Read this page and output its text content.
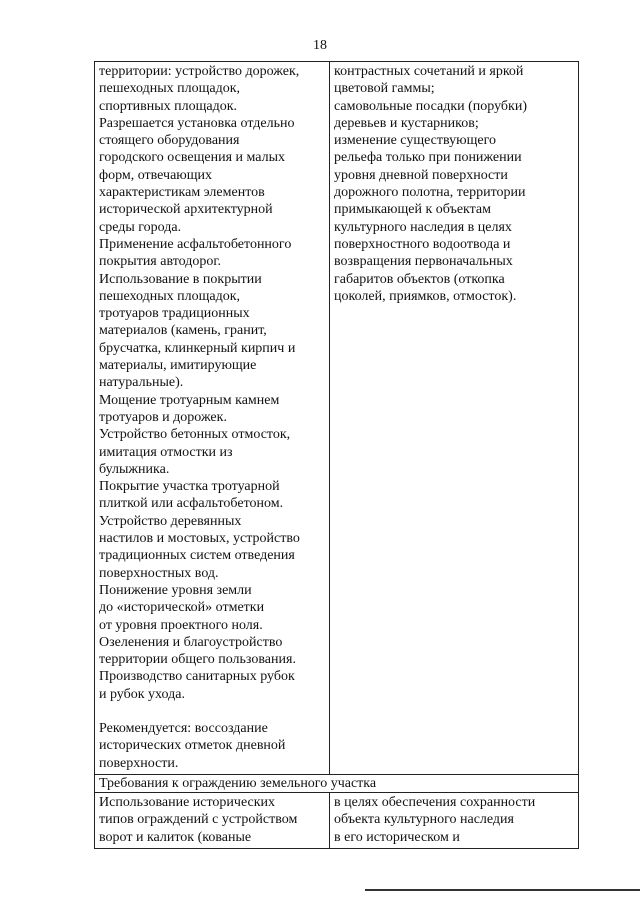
18
территории: устройство дорожек,
пешеходных площадок,
спортивных площадок.
Разрешается установка отдельно
стоящего оборудования
городского освещения и малых
форм, отвечающих
характеристикам элементов
исторической архитектурной
среды города.
Применение асфальтобетонного
покрытия автодорог.
Использование в покрытии
пешеходных площадок,
тротуаров традиционных
материалов (камень, гранит,
брусчатка, клинкерный кирпич и
материалы, имитирующие
натуральные).
Мощение тротуарным камнем
тротуаров и дорожек.
Устройство бетонных отмосток,
имитация отмостки из
булыжника.
Покрытие участка тротуарной
плиткой или асфальтобетоном.
Устройство деревянных
настилов и мостовых, устройство
традиционных систем отведения
поверхностных вод.
Понижение уровня земли
до «исторической» отметки
от уровня проектного ноля.
Озеленения и благоустройство
территории общего пользования.
Производство санитарных рубок
и рубок ухода.
Рекомендуется: воссоздание
исторических отметок дневной
поверхности.
контрастных сочетаний и яркой
цветовой гаммы;
самовольные посадки (порубки)
деревьев и кустарников;
изменение существующего
рельефа только при понижении
уровня дневной поверхности
дорожного полотна, территории
примыкающей к объектам
культурного наследия в целях
поверхностного водоотвода и
возвращения первоначальных
габаритов объектов (откопка
цоколей, приямков, отмосток).
Требования к ограждению земельного участка
Использование исторических
типов ограждений с устройством
ворот и калиток (кованые
в целях обеспечения сохранности
объекта культурного наследия
в его историческом и
